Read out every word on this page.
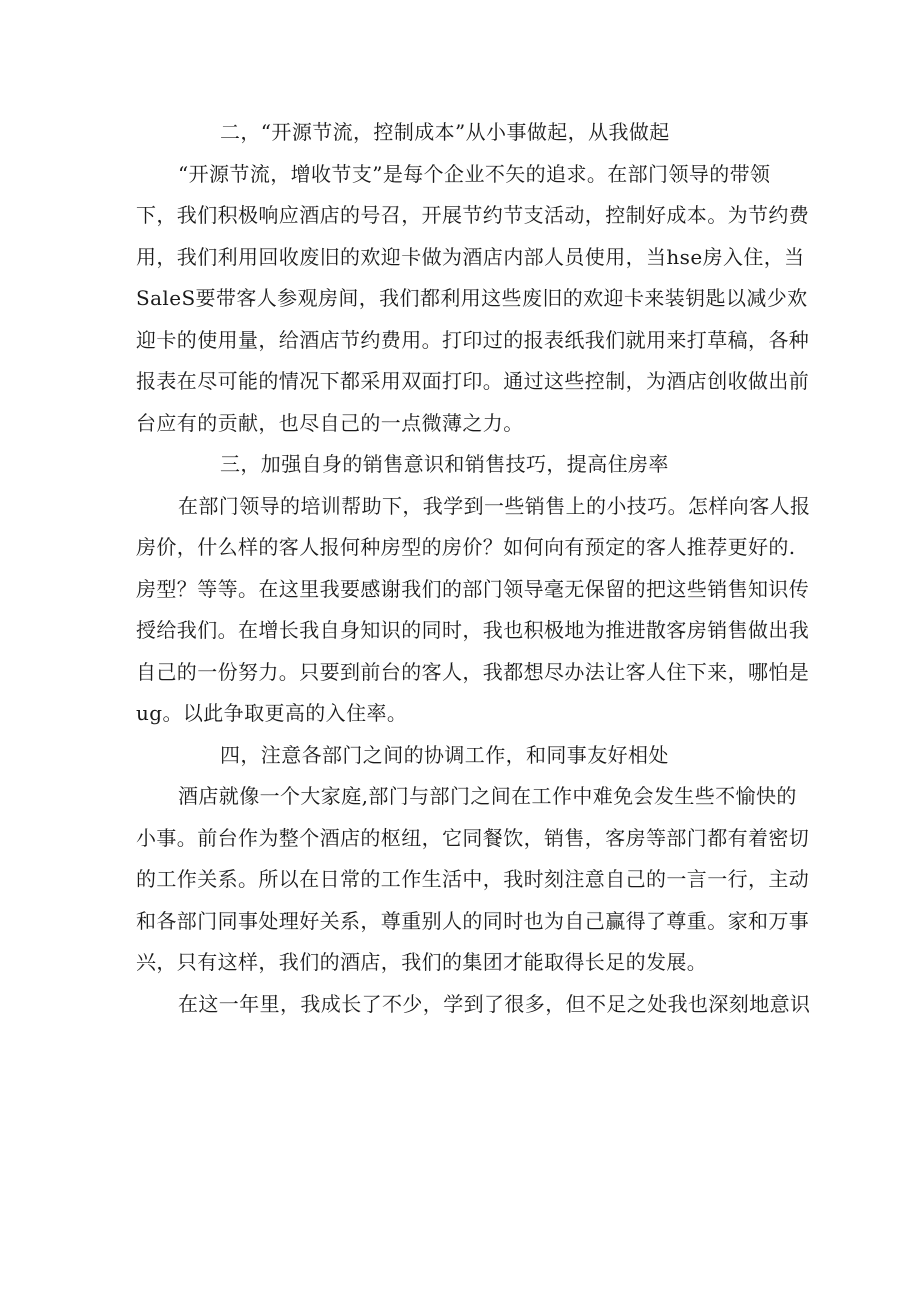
二，“开源节流，控制成本”从小事做起，从我做起

“开源节流，增收节支”是每个企业不矢的追求。在部门领导的带领
下，我们积极响应酒店的号召，开展节约节支活动，控制好成本。为节约费
用，我们利用回收废旧的欢迎卡做为酒店内部人员使用，当hse房入住，当
SaleS要带客人参观房间，我们都利用这些废旧的欢迎卡来装钥匙以减少欢
迎卡的使用量，给酒店节约费用。打印过的报表纸我们就用来打草稿，各种
报表在尽可能的情况下都采用双面打印。通过这些控制，为酒店创收做出前
台应有的贡献，也尽自己的一点微薄之力。

三，加强自身的销售意识和销售技巧，提高住房率

在部门领导的培训帮助下，我学到一些销售上的小技巧。怎样向客人报
房价，什么样的客人报何种房型的房价？如何向有预定的客人推荐更好的.
房型？等等。在这里我要感谢我们的部门领导毫无保留的把这些销售知识传
授给我们。在增长我自身知识的同时，我也积极地为推进散客房销售做出我
自己的一份努力。只要到前台的客人，我都想尽办法让客人住下来，哪怕是
ug。以此争取更高的入住率。

四，注意各部门之间的协调工作，和同事友好相处

酒店就像一个大家庭,部门与部门之间在工作中难免会发生些不愉快的
小事。前台作为整个酒店的枢纽，它同餐饮，销售，客房等部门都有着密切
的工作关系。所以在日常的工作生活中，我时刻注意自己的一言一行，主动
和各部门同事处理好关系，尊重别人的同时也为自己赢得了尊重。家和万事
兴，只有这样，我们的酒店，我们的集团才能取得长足的发展。
在这一年里，我成长了不少，学到了很多，但不足之处我也深刻地意识
